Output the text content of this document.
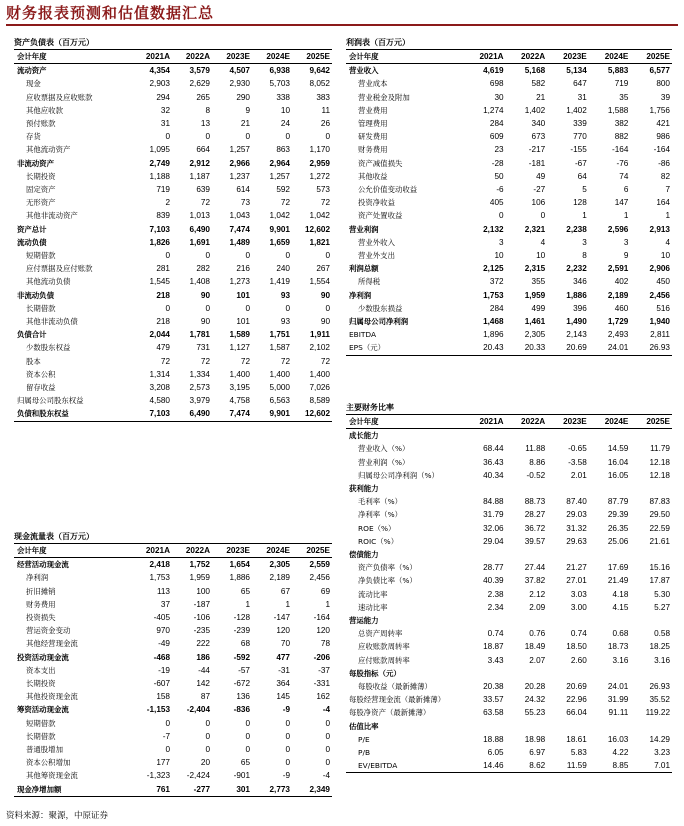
财务报表预测和估值数据汇总
资产负债表（百万元）
会计年度	2021A	2022A	2023E	2024E	2025E
流动资产	4,354	3,579	4,507	6,938	9,642
现金	2,903	2,629	2,930	5,703	8,052
应收票据及应收账款	294	265	290	338	383
其他应收款	32	8	9	10	11
预付账款	31	13	21	24	26
存货	0	0	0	0	0
其他流动资产	1,095	664	1,257	863	1,170
非流动资产	2,749	2,912	2,966	2,964	2,959
长期投资	1,188	1,187	1,237	1,257	1,272
固定资产	719	639	614	592	573
无形资产	2	72	73	72	72
其他非流动资产	839	1,013	1,043	1,042	1,042
资产总计	7,103	6,490	7,474	9,901	12,602
流动负债	1,826	1,691	1,489	1,659	1,821
短期借款	0	0	0	0	0
应付票据及应付账款	281	282	216	240	267
其他流动负债	1,545	1,408	1,273	1,419	1,554
非流动负债	218	90	101	93	90
长期借款	0	0	0	0	0
其他非流动负债	218	90	101	93	90
负债合计	2,044	1,781	1,589	1,751	1,911
少数股东权益	479	731	1,127	1,587	2,102
股本	72	72	72	72	72
资本公积	1,314	1,334	1,400	1,400	1,400
留存收益	3,208	2,573	3,195	5,000	7,026
归属母公司股东权益	4,580	3,979	4,758	6,563	8,589
负债和股东权益	7,103	6,490	7,474	9,901	12,602
利润表（百万元）
会计年度	2021A	2022A	2023E	2024E	2025E
营业收入	4,619	5,168	5,134	5,883	6,577
营业成本	698	582	647	719	800
营业税金及附加	30	21	31	35	39
营业费用	1,274	1,402	1,402	1,588	1,756
管理费用	284	340	339	382	421
研发费用	609	673	770	882	986
财务费用	23	-217	-155	-164	-164
资产减值损失	-28	-181	-67	-76	-86
其他收益	50	49	64	74	82
公允价值变动收益	-6	-27	5	6	7
投资净收益	405	106	128	147	164
资产处置收益	0	0	1	1	1
营业利润	2,132	2,321	2,238	2,596	2,913
营业外收入	3	4	3	3	4
营业外支出	10	10	8	9	10
利润总额	2,125	2,315	2,232	2,591	2,906
所得税	372	355	346	402	450
净利润	1,753	1,959	1,886	2,189	2,456
少数股东损益	284	499	396	460	516
归属母公司净利润	1,468	1,461	1,490	1,729	1,940
EBITDA	1,896	2,305	2,143	2,493	2,811
EPS（元）	20.43	20.33	20.69	24.01	26.93
主要财务比率
会计年度	2021A	2022A	2023E	2024E	2025E
成长能力					
营业收入（%）	68.44	11.88	-0.65	14.59	11.79
营业利润（%）	36.43	8.86	-3.58	16.04	12.18
归属母公司净利润（%）	40.34	-0.52	2.01	16.05	12.18
获利能力					
毛利率（%）	84.88	88.73	87.40	87.79	87.83
净利率（%）	31.79	28.27	29.03	29.39	29.50
ROE（%）	32.06	36.72	31.32	26.35	22.59
ROIC（%）	29.04	39.57	29.63	25.06	21.61
偿债能力					
资产负债率（%）	28.77	27.44	21.27	17.69	15.16
净负债比率（%）	40.39	37.82	27.01	21.49	17.87
流动比率	2.38	2.12	3.03	4.18	5.30
速动比率	2.34	2.09	3.00	4.15	5.27
营运能力					
总资产周转率	0.74	0.76	0.74	0.68	0.58
应收账款周转率	18.87	18.49	18.50	18.73	18.25
应付账款周转率	3.43	2.07	2.60	3.16	3.16
每股指标（元）					
每股收益（最新摊薄）	20.38	20.28	20.69	24.01	26.93
每股经营现金流（最新摊薄）	33.57	24.32	22.96	31.99	35.52
每股净资产（最新摊薄）	63.58	55.23	66.04	91.11	119.22
估值比率					
P/E	18.88	18.98	18.61	16.03	14.29
P/B	6.05	6.97	5.83	4.22	3.23
EV/EBITDA	14.46	8.62	11.59	8.85	7.01
现金流量表（百万元）
会计年度	2021A	2022A	2023E	2024E	2025E
经营活动现金流	2,418	1,752	1,654	2,305	2,559
净利润	1,753	1,959	1,886	2,189	2,456
折旧摊销	113	100	65	67	69
财务费用	37	-187	1	1	1
投资损失	-405	-106	-128	-147	-164
营运资金变动	970	-235	-239	120	120
其他经营现金流	-49	222	68	70	78
投资活动现金流	-468	186	-592	477	-206
资本支出	-19	-44	-57	-31	-37
长期投资	-607	142	-672	364	-331
其他投资现金流	158	87	136	145	162
筹资活动现金流	-1,153	-2,404	-836	-9	-4
短期借款	0	0	0	0	0
长期借款	-7	0	0	0	0
普通股增加	0	0	0	0	0
资本公积增加	177	20	65	0	0
其他筹资现金流	-1,323	-2,424	-901	-9	-4
现金净增加额	761	-277	301	2,773	2,349
资料来源：聚源，中原证券
